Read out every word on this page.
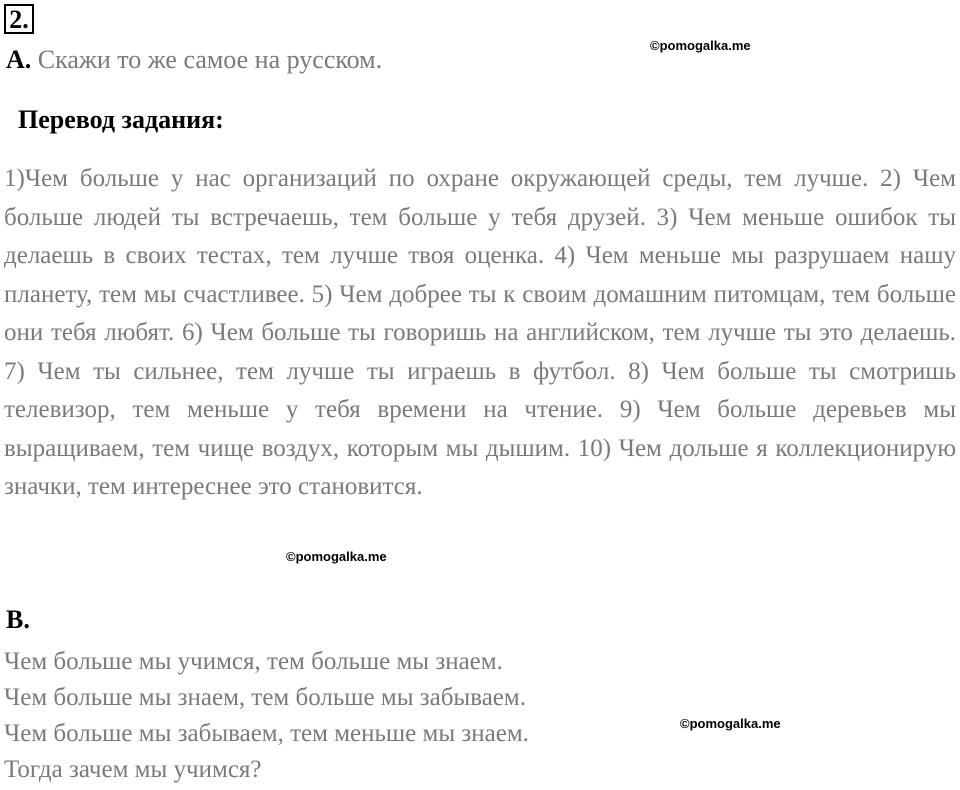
2.
A. Скажи то же самое на русском.	©pomogalka.me
Перевод задания:

1)Чем больше у нас организаций по охране окружающей среды, тем лучше. 2) Чем больше людей ты встречаешь, тем больше у тебя друзей. 3) Чем меньше ошибок ты делаешь в своих тестах, тем лучше твоя оценка. 4) Чем меньше мы разрушаем нашу планету, тем мы счастливее. 5) Чем добрее ты к своим домашним питомцам, тем больше они тебя любят. 6) Чем больше ты говоришь на английском, тем лучше ты это делаешь. 7) Чем ты сильнее, тем лучше ты играешь в футбол. 8) Чем больше ты смотришь телевизор, тем меньше у тебя времени на чтение. 9) Чем больше деревьев мы выращиваем, тем чище воздух, которым мы дышим. 10) Чем дольше я коллекционирую значки, тем интереснее это становится.

©pomogalka.me
B.
Чем больше мы учимся, тем больше мы знаем.
Чем больше мы знаем, тем больше мы забываем.
Чем больше мы забываем, тем меньше мы знаем.
Тогда зачем мы учимся?
©pomogalka.me
